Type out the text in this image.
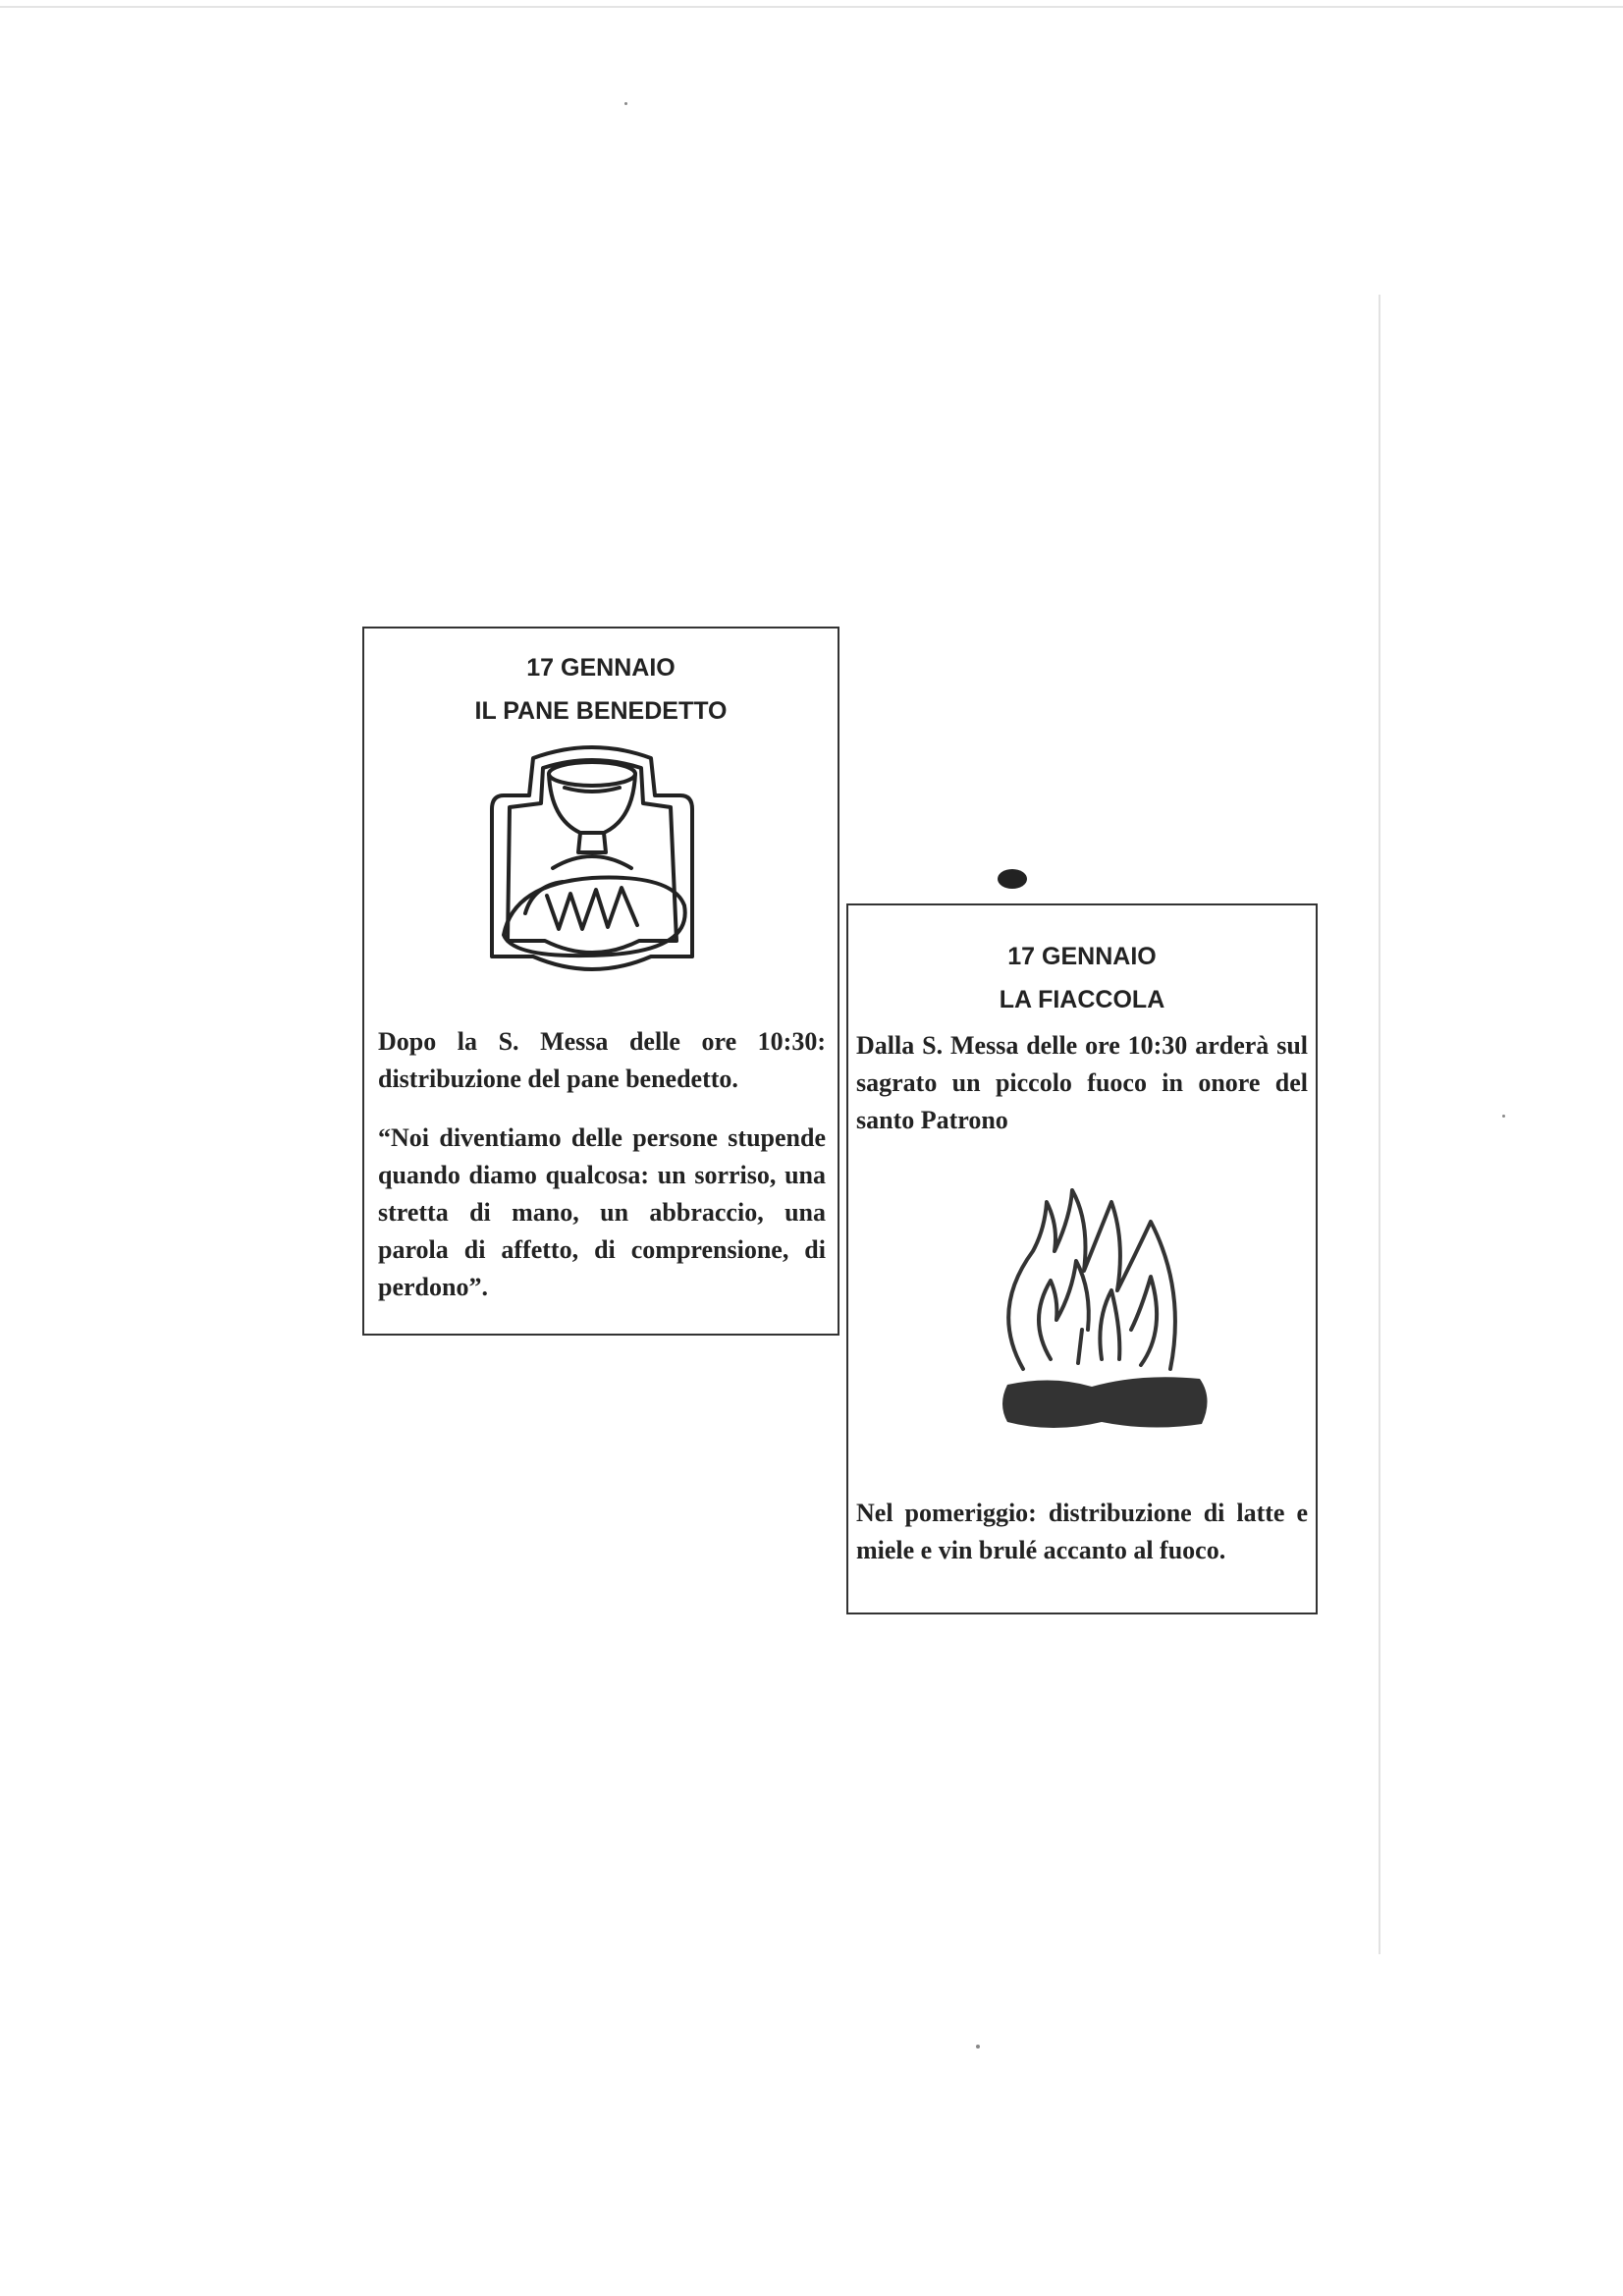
17 GENNAIO
IL PANE BENEDETTO

Dopo la S. Messa delle ore 10:30: distribuzione del pane benedetto.

“Noi diventiamo delle persone stupende quando diamo qualcosa: un sorriso, una stretta di mano, un abbraccio, una parola di affetto, di comprensione, di perdono”.

17 GENNAIO
LA FIACCOLA

Dalla S. Messa delle ore 10:30 arderà sul sagrato un piccolo fuoco in onore del santo Patrono

Nel pomeriggio: distribuzione di latte e miele e vin brulé accanto al fuoco.
